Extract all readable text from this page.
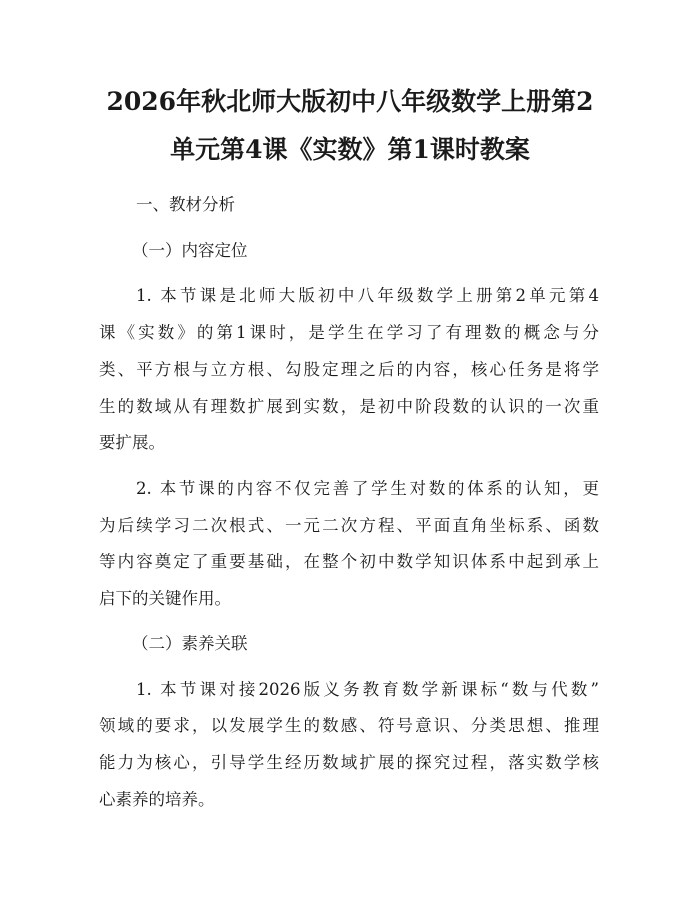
2026年秋北师大版初中八年级数学上册第2
单元第4课《实数》第1课时教案

一、教材分析

（一）内容定位

1. 本节课是北师大版初中八年级数学上册第2单元第4

课《实数》的第1课时，是学生在学习了有理数的概念与分

类、平方根与立方根、勾股定理之后的内容，核心任务是将学

生的数域从有理数扩展到实数，是初中阶段数的认识的一次重

要扩展。

2. 本节课的内容不仅完善了学生对数的体系的认知，更

为后续学习二次根式、一元二次方程、平面直角坐标系、函数

等内容奠定了重要基础，在整个初中数学知识体系中起到承上

启下的关键作用。

（二）素养关联

1. 本节课对接2026版义务教育数学新课标“数与代数”

领域的要求，以发展学生的数感、符号意识、分类思想、推理

能力为核心，引导学生经历数域扩展的探究过程，落实数学核

心素养的培养。
